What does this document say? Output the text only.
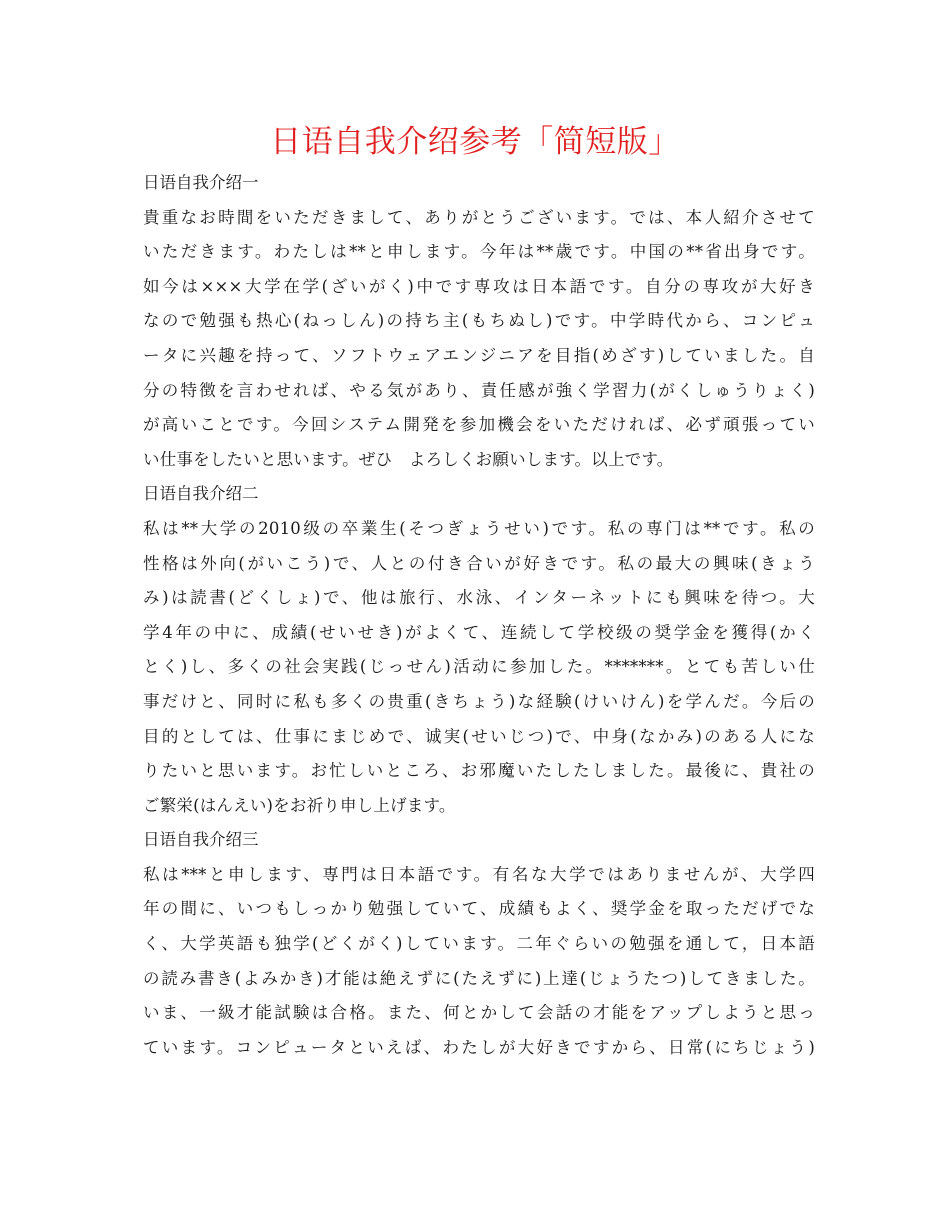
日语自我介绍参考「简短版」
日语自我介绍一
貴重なお時間をいただきまして、ありがとうございます。では、本人紹介させて
いただきます。わたしは**と申します。今年は**歳です。中国の**省出身です。
如今は×××大学在学(ざいがく)中です専攻は日本語です。自分の専攻が大好き
なので勉强も热心(ねっしん)の持ち主(もちぬし)です。中学時代から、コンピュ
ータに兴趣を持って、ソフトウェアエンジニアを目指(めざす)していました。自
分の特徴を言わせれば、やる気があり、責任感が強く学習力(がくしゅうりょく)
が高いことです。今回システム開発を参加機会をいただければ、必ず頑張ってい
い仕事をしたいと思います。ぜひ　よろしくお願いします。以上です。
日语自我介绍二
私は**大学の2010级の卒業生(そつぎょうせい)です。私の専门は**です。私の
性格は外向(がいこう)で、人との付き合いが好きです。私の最大の興味(きょう
み)は読書(どくしょ)で、他は旅行、水泳、インターネットにも興味を待つ。大
学4年の中に、成績(せいせき)がよくて、连続して学校级の奨学金を獲得(かく
とく)し、多くの社会実践(じっせん)活动に参加した。*******。とても苦しい仕
事だけと、同时に私も多くの贵重(きちょう)な経験(けいけん)を学んだ。今后の
目的としては、仕事にまじめで、诚実(せいじつ)で、中身(なかみ)のある人にな
りたいと思います。お忙しいところ、お邪魔いたしたしました。最後に、貴社の
ご繁栄(はんえい)をお祈り申し上げます。
日语自我介绍三
私は***と申します、専門は日本語です。有名な大学ではありませんが、大学四
年の間に、いつもしっかり勉强していて、成績もよく、奨学金を取っただげでな
く、大学英語も独学(どくがく)しています。二年ぐらいの勉强を通して，日本語
の読み書き(よみかき)才能は絶えずに(たえずに)上達(じょうたつ)してきました。
いま、一級才能試験は合格。また、何とかして会話の才能をアップしようと思っ
ています。コンピュータといえば、わたしが大好きですから、日常(にちじょう)
